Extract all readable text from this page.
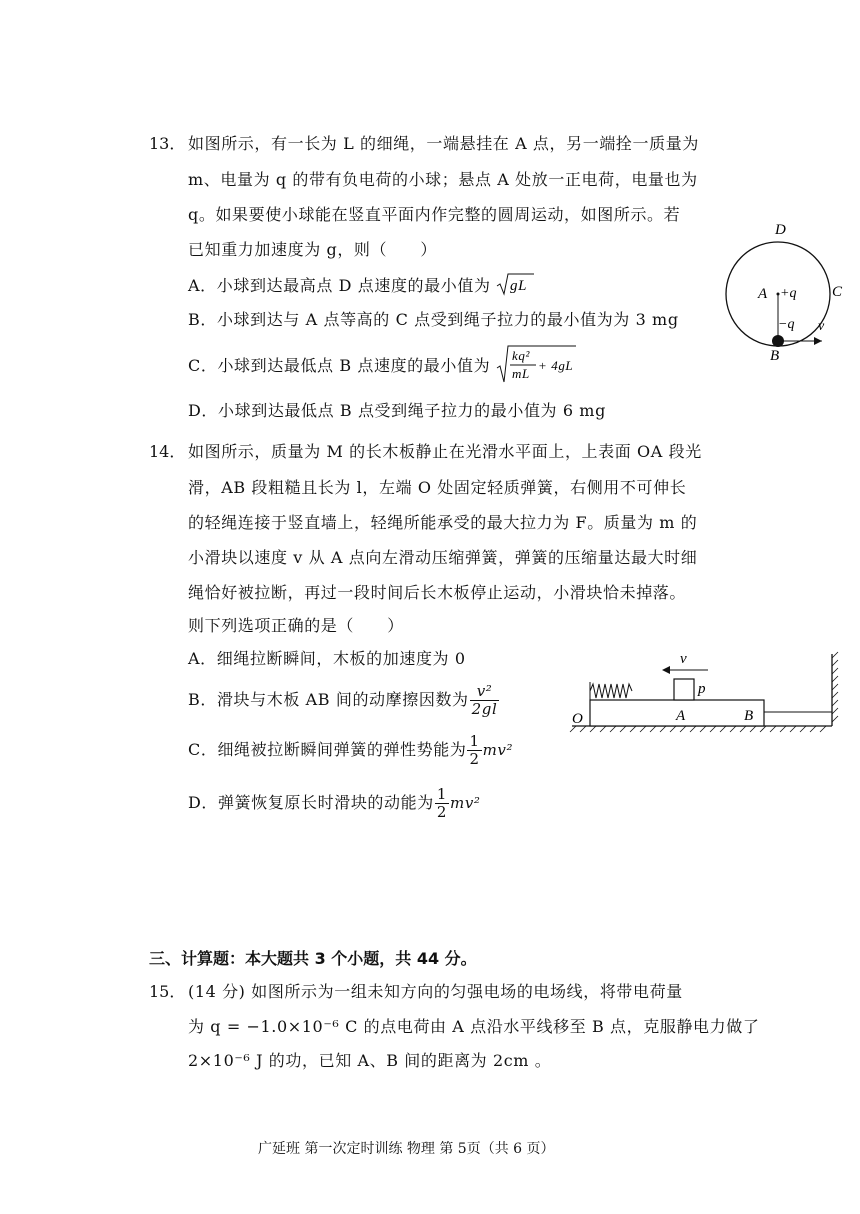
13． 如图所示，有一长为 L 的细绳，一端悬挂在 A 点，另一端拴一质量为
m、电量为 q 的带有负电荷的小球；悬点 A 处放一正电荷，电量也为
q。如果要使小球能在竖直平面内作完整的圆周运动，如图所示。若
已知重力加速度为 g，则（　　）
A．小球到达最高点 D 点速度的最小值为 gL
B．小球到达与 A 点等高的 C 点受到绳子拉力的最小值为为 3 mg
C．小球到达最低点 B 点速度的最小值为
kq²
mL
+ 4gL
D．小球到达最低点 B 点受到绳子拉力的最小值为 6 mg
D
A +q C
−q v
B
14． 如图所示，质量为 M 的长木板静止在光滑水平面上，上表面 OA 段光
滑，AB 段粗糙且长为 l，左端 O 处固定轻质弹簧，右侧用不可伸长
的轻绳连接于竖直墙上，轻绳所能承受的最大拉力为 F。质量为 m 的
小滑块以速度 v 从 A 点向左滑动压缩弹簧，弹簧的压缩量达最大时细
绳恰好被拉断，再过一段时间后长木板停止运动，小滑块恰未掉落。
则下列选项正确的是（　　）
A．细绳拉断瞬间，木板的加速度为 0
B．滑块与木板 AB 间的动摩擦因数为 $\frac{\text{v²}}{2gl}$
C．细绳被拉断瞬间弹簧的弹性势能为 $\frac{1}{2} mv^2$
D．弹簧恢复原长时滑块的动能为 $\frac{1}{2} mv^2$
v
p
O	A	B
三、计算题：本大题共 3 个小题，共 44 分。
15． (14 分) 如图所示为一组未知方向的匀强电场的电场线，将带电荷量
为 q = −1.0×10⁻⁶ C 的点电荷由 A 点沿水平线移至 B 点，克服静电力做了
2×10⁻⁶ J 的功，已知 A、B 间的距离为 2cm 。
广延班 第一次定时训练 物理 第 5页（共 6 页）
